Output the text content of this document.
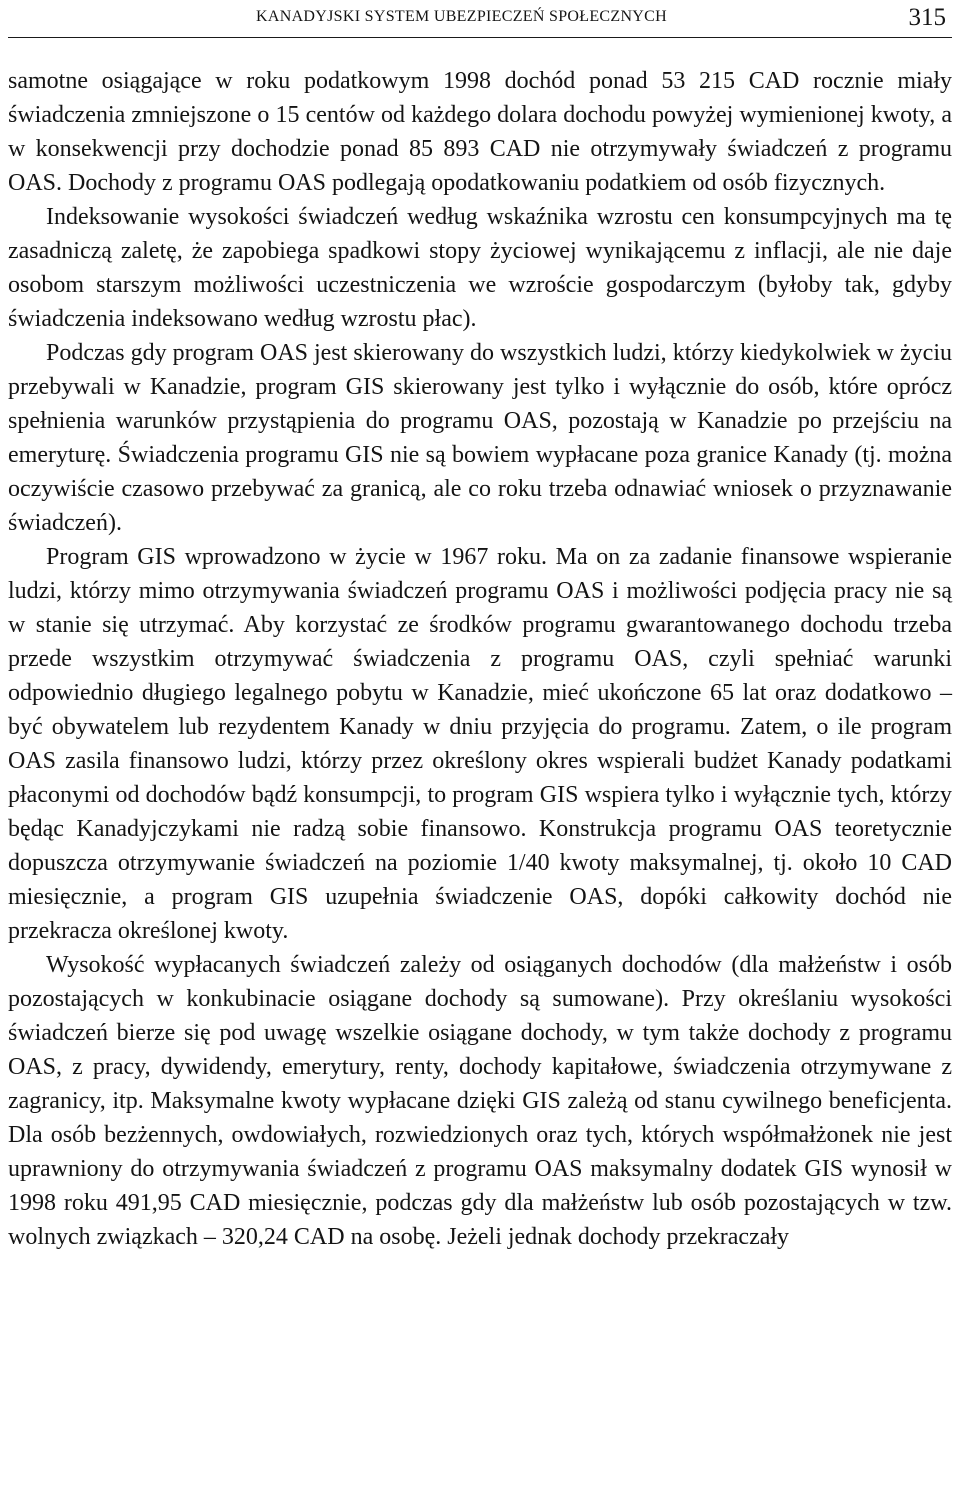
KANADYJSKI SYSTEM UBEZPIECZEŃ SPOŁECZNYCH	315

samotne osiągające w roku podatkowym 1998 dochód ponad 53 215 CAD rocznie miały świadczenia zmniejszone o 15 centów od każdego dolara dochodu powyżej wymienionej kwoty, a w konsekwencji przy dochodzie ponad 85 893 CAD nie otrzymywały świadczeń z programu OAS. Dochody z programu OAS podlegają opodatkowaniu podatkiem od osób fizycznych.

Indeksowanie wysokości świadczeń według wskaźnika wzrostu cen konsumpcyjnych ma tę zasadniczą zaletę, że zapobiega spadkowi stopy życiowej wynikającemu z inflacji, ale nie daje osobom starszym możliwości uczestniczenia we wzroście gospodarczym (byłoby tak, gdyby świadczenia indeksowano według wzrostu płac).

Podczas gdy program OAS jest skierowany do wszystkich ludzi, którzy kiedykolwiek w życiu przebywali w Kanadzie, program GIS skierowany jest tylko i wyłącznie do osób, które oprócz spełnienia warunków przystąpienia do programu OAS, pozostają w Kanadzie po przejściu na emeryturę. Świadczenia programu GIS nie są bowiem wypłacane poza granice Kanady (tj. można oczywiście czasowo przebywać za granicą, ale co roku trzeba odnawiać wniosek o przyznawanie świadczeń).

Program GIS wprowadzono w życie w 1967 roku. Ma on za zadanie finansowe wspieranie ludzi, którzy mimo otrzymywania świadczeń programu OAS i możliwości podjęcia pracy nie są w stanie się utrzymać. Aby korzystać ze środków programu gwarantowanego dochodu trzeba przede wszystkim otrzymywać świadczenia z programu OAS, czyli spełniać warunki odpowiednio długiego legalnego pobytu w Kanadzie, mieć ukończone 65 lat oraz dodatkowo – być obywatelem lub rezydentem Kanady w dniu przyjęcia do programu. Zatem, o ile program OAS zasila finansowo ludzi, którzy przez określony okres wspierali budżet Kanady podatkami płaconymi od dochodów bądź konsumpcji, to program GIS wspiera tylko i wyłącznie tych, którzy będąc Kanadyjczykami nie radzą sobie finansowo. Konstrukcja programu OAS teoretycznie dopuszcza otrzymywanie świadczeń na poziomie 1/40 kwoty maksymalnej, tj. około 10 CAD miesięcznie, a program GIS uzupełnia świadczenie OAS, dopóki całkowity dochód nie przekracza określonej kwoty.

Wysokość wypłacanych świadczeń zależy od osiąganych dochodów (dla małżeństw i osób pozostających w konkubinacie osiągane dochody są sumowane). Przy określaniu wysokości świadczeń bierze się pod uwagę wszelkie osiągane dochody, w tym także dochody z programu OAS, z pracy, dywidendy, emerytury, renty, dochody kapitałowe, świadczenia otrzymywane z zagranicy, itp. Maksymalne kwoty wypłacane dzięki GIS zależą od stanu cywilnego beneficjenta. Dla osób bezżennych, owdowiałych, rozwiedzionych oraz tych, których współmałżonek nie jest uprawniony do otrzymywania świadczeń z programu OAS maksymalny dodatek GIS wynosił w 1998 roku 491,95 CAD miesięcznie, podczas gdy dla małżeństw lub osób pozostających w tzw. wolnych związkach – 320,24 CAD na osobę. Jeżeli jednak dochody przekraczały
